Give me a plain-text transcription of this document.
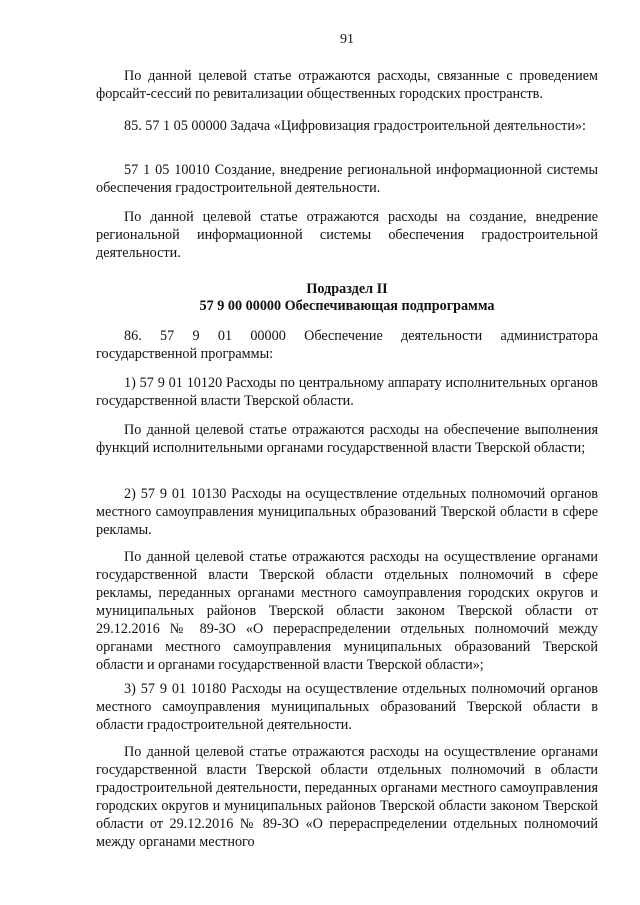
91
По данной целевой статье отражаются расходы, связанные с проведением форсайт-сессий по ревитализации общественных городских пространств.
85. 57 1 05 00000 Задача «Цифровизация градостроительной деятельности»:
57 1 05 10010 Создание, внедрение региональной информационной системы обеспечения градостроительной деятельности.
По данной целевой статье отражаются расходы на создание, внедрение региональной информационной системы обеспечения градостроительной деятельности.
Подраздел II
57 9 00 00000 Обеспечивающая подпрограмма
86. 57 9 01 00000 Обеспечение деятельности администратора государственной программы:
1) 57 9 01 10120 Расходы по центральному аппарату исполнительных органов государственной власти Тверской области.
По данной целевой статье отражаются расходы на обеспечение выполнения функций исполнительными органами государственной власти Тверской области;
2) 57 9 01 10130 Расходы на осуществление отдельных полномочий органов местного самоуправления муниципальных образований Тверской области в сфере рекламы.
По данной целевой статье отражаются расходы на осуществление органами государственной власти Тверской области отдельных полномочий в сфере рекламы, переданных органами местного самоуправления городских округов и муниципальных районов Тверской области законом Тверской области от 29.12.2016 № 89-ЗО «О перераспределении отдельных полномочий между органами местного самоуправления муниципальных образований Тверской области и органами государственной власти Тверской области»;
3) 57 9 01 10180 Расходы на осуществление отдельных полномочий органов местного самоуправления муниципальных образований Тверской области в области градостроительной деятельности.
По данной целевой статье отражаются расходы на осуществление органами государственной власти Тверской области отдельных полномочий в области градостроительной деятельности, переданных органами местного самоуправления городских округов и муниципальных районов Тверской области законом Тверской области от 29.12.2016 № 89-ЗО «О перераспределении отдельных полномочий между органами местного
